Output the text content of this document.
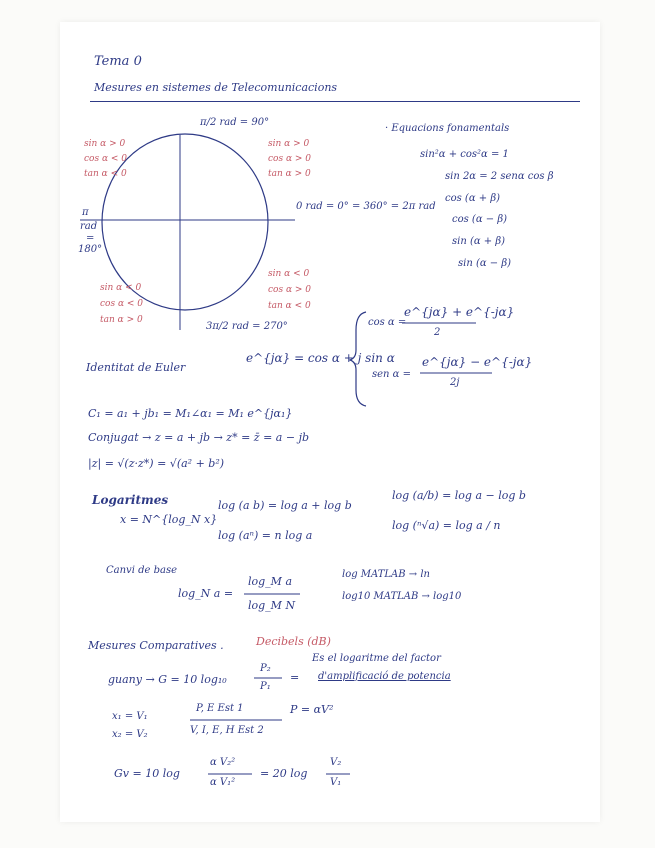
Tema 0
Mesures en sistemes de Telecomunicacions
π/2 rad = 90°
0 rad = 0° = 360° = 2π rad
π
rad
=
180°
3π/2 rad = 270°
sin α > 0
cos α < 0
tan α < 0
sin α > 0
cos α > 0
tan α > 0
sin α < 0
cos α < 0
tan α > 0
sin α < 0
cos α > 0
tan α < 0
· Equacions fonamentals
sin²α + cos²α = 1
sin 2α = 2 senα cos β
cos (α + β)
cos (α − β)
sin (α + β)
sin (α − β)
Identitat de Euler
e^{jα} = cos α + j sin α
cos α =
e^{jα} + e^{-jα}
2
sen α =
e^{jα} − e^{-jα}
2j
C₁ = a₁ + jb₁ = M₁∠α₁ = M₁ e^{jα₁}
Conjugat → z = a + jb → z* = z̄ = a − jb
|z| = √(z·z*) = √(a² + b²)
Logaritmes
x = N^{log_N x}
log (a b) = log a + log b
log (a/b) = log a − log b
log (aⁿ) = n log a
log (ⁿ√a) = log a / n
Canvi de base
log_N a =
log_M a
log_M N
log MATLAB → ln
log10 MATLAB → log10
Mesures Comparatives .	Decibels (dB)
guany → G = 10 log₁₀
P₂
P₁
=
Es el logaritme del factor
d'amplificació de potencia
x₁ = V₁
x₂ = V₂
P, E Est 1
V, I, E, H Est 2
P = αV²
Gv = 10 log
α V₂²
α V₁²
= 20 log
V₂
V₁
